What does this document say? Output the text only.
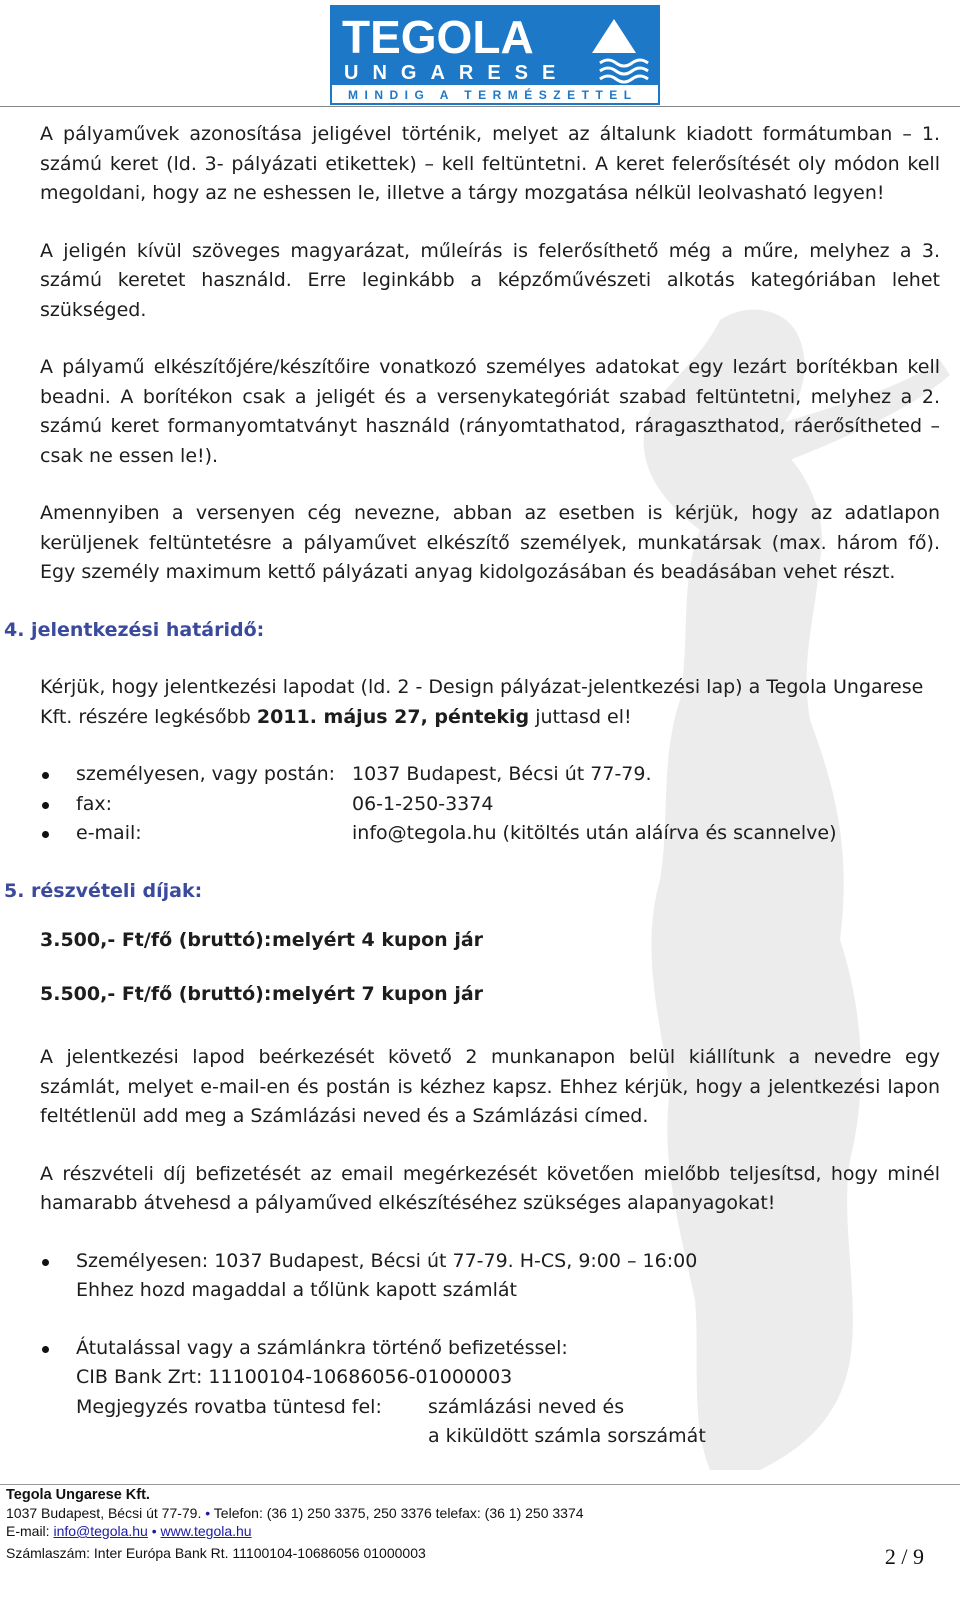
TEGOLA
UNGARESE
MINDIG A TERMÉSZETTEL

A pályaművek azonosítása jeligével történik, melyet az általunk kiadott formátumban – 1. számú keret (ld. 3- pályázati etikettek) – kell feltüntetni. A keret felerősítését oly módon kell megoldani, hogy az ne eshessen le, illetve a tárgy mozgatása nélkül leolvasható legyen!

A jeligén kívül szöveges magyarázat, műleírás is felerősíthető még a műre, melyhez a 3. számú keretet használd. Erre leginkább a képzőművészeti alkotás kategóriában lehet szükséged.

A pályamű elkészítőjére/készítőire vonatkozó személyes adatokat egy lezárt borítékban kell beadni. A borítékon csak a jeligét és a versenykategóriát szabad feltüntetni, melyhez a 2. számú keret formanyomtatványt használd (rányomtathatod, ráragaszthatod, ráerősítheted – csak ne essen le!).

Amennyiben a versenyen cég nevezne, abban az esetben is kérjük, hogy az adatlapon kerüljenek feltüntetésre a pályaművet elkészítő személyek, munkatársak (max. három fő). Egy személy maximum kettő pályázati anyag kidolgozásában és beadásában vehet részt.

4. jelentkezési határidő:

Kérjük, hogy jelentkezési lapodat (ld. 2 - Design pályázat-jelentkezési lap) a Tegola Ungarese Kft. részére legkésőbb 2011. május 27, péntekig juttasd el!

személyesen, vagy postán: 1037 Budapest, Bécsi út 77-79.
fax:	06-1-250-3374
e-mail:	info@tegola.hu (kitöltés után aláírva és scannelve)
5. részvételi díjak:

3.500,- Ft/fő (bruttó):melyért 4 kupon jár

5.500,- Ft/fő (bruttó):melyért 7 kupon jár

A jelentkezési lapod beérkezését követő 2 munkanapon belül kiállítunk a nevedre egy számlát, melyet e-mail-en és postán is kézhez kapsz. Ehhez kérjük, hogy a jelentkezési lapon feltétlenül add meg a Számlázási neved és a Számlázási címed.

A részvételi díj befizetését az email megérkezését követően mielőbb teljesítsd, hogy minél hamarabb átvehesd a pályaműved elkészítéséhez szükséges alapanyagokat!

Személyesen: 1037 Budapest, Bécsi út 77-79. H-CS, 9:00 – 16:00
Ehhez hozd magaddal a tőlünk kapott számlát
Átutalással vagy a számlánkra történő befizetéssel:
CIB Bank Zrt: 11100104-10686056-01000003
Megjegyzés rovatba tüntesd fel:	számlázási neved és
a kiküldött számla sorszámát
Tegola Ungarese Kft.
1037 Budapest, Bécsi út 77-79. • Telefon: (36 1) 250 3375, 250 3376 telefax: (36 1) 250 3374
E-mail: info@tegola.hu • www.tegola.hu
Számlaszám: Inter Európa Bank Rt. 11100104-10686056 01000003	2 / 9
